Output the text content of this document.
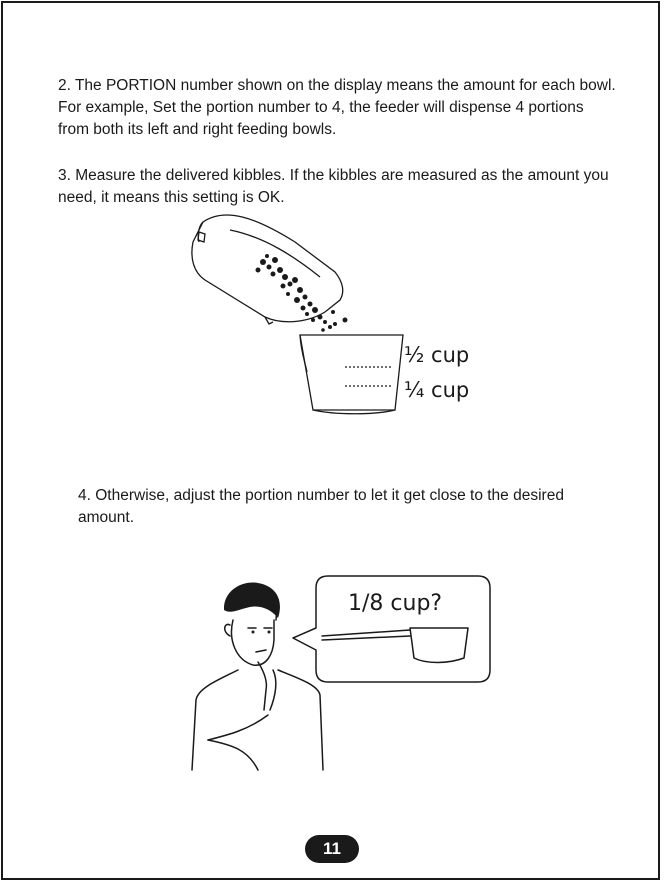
2. The PORTION number shown on the display means the amount for each bowl. For example, Set the portion number to 4, the feeder will dispense 4 portions from both its left and right feeding bowls.

3. Measure the delivered kibbles. If the kibbles are measured as the amount you need, it means this setting is OK.

½ cup
¼ cup

4. Otherwise, adjust the portion number to let it get close to the desired amount.

1/8 cup?
11
